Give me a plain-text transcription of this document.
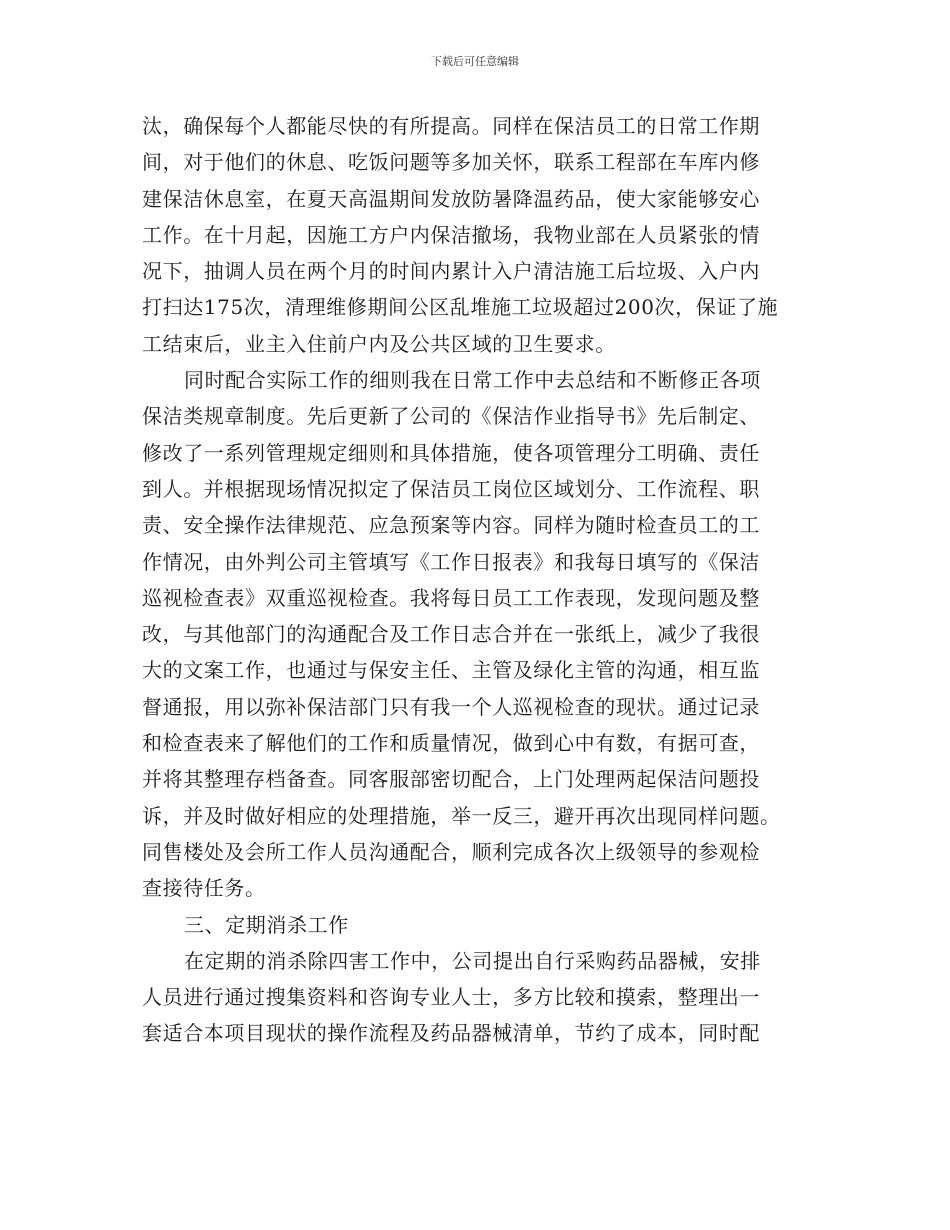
下载后可任意编辑
汰，确保每个人都能尽快的有所提高。同样在保洁员工的日常工作期
间，对于他们的休息、吃饭问题等多加关怀，联系工程部在车库内修
建保洁休息室，在夏天高温期间发放防暑降温药品，使大家能够安心
工作。在十月起，因施工方户内保洁撤场，我物业部在人员紧张的情
况下，抽调人员在两个月的时间内累计入户清洁施工后垃圾、入户内
打扫达175次，清理维修期间公区乱堆施工垃圾超过200次，保证了施
工结束后，业主入住前户内及公共区域的卫生要求。
同时配合实际工作的细则我在日常工作中去总结和不断修正各项
保洁类规章制度。先后更新了公司的《保洁作业指导书》先后制定、
修改了一系列管理规定细则和具体措施，使各项管理分工明确、责任
到人。并根据现场情况拟定了保洁员工岗位区域划分、工作流程、职
责、安全操作法律规范、应急预案等内容。同样为随时检查员工的工
作情况，由外判公司主管填写《工作日报表》和我每日填写的《保洁
巡视检查表》双重巡视检查。我将每日员工工作表现，发现问题及整
改，与其他部门的沟通配合及工作日志合并在一张纸上，减少了我很
大的文案工作，也通过与保安主任、主管及绿化主管的沟通，相互监
督通报，用以弥补保洁部门只有我一个人巡视检查的现状。通过记录
和检查表来了解他们的工作和质量情况，做到心中有数，有据可查，
并将其整理存档备查。同客服部密切配合，上门处理两起保洁问题投
诉，并及时做好相应的处理措施，举一反三，避开再次出现同样问题。
同售楼处及会所工作人员沟通配合，顺利完成各次上级领导的参观检
查接待任务。
三、定期消杀工作
在定期的消杀除四害工作中，公司提出自行采购药品器械，安排
人员进行通过搜集资料和咨询专业人士，多方比较和摸索，整理出一
套适合本项目现状的操作流程及药品器械清单，节约了成本，同时配
